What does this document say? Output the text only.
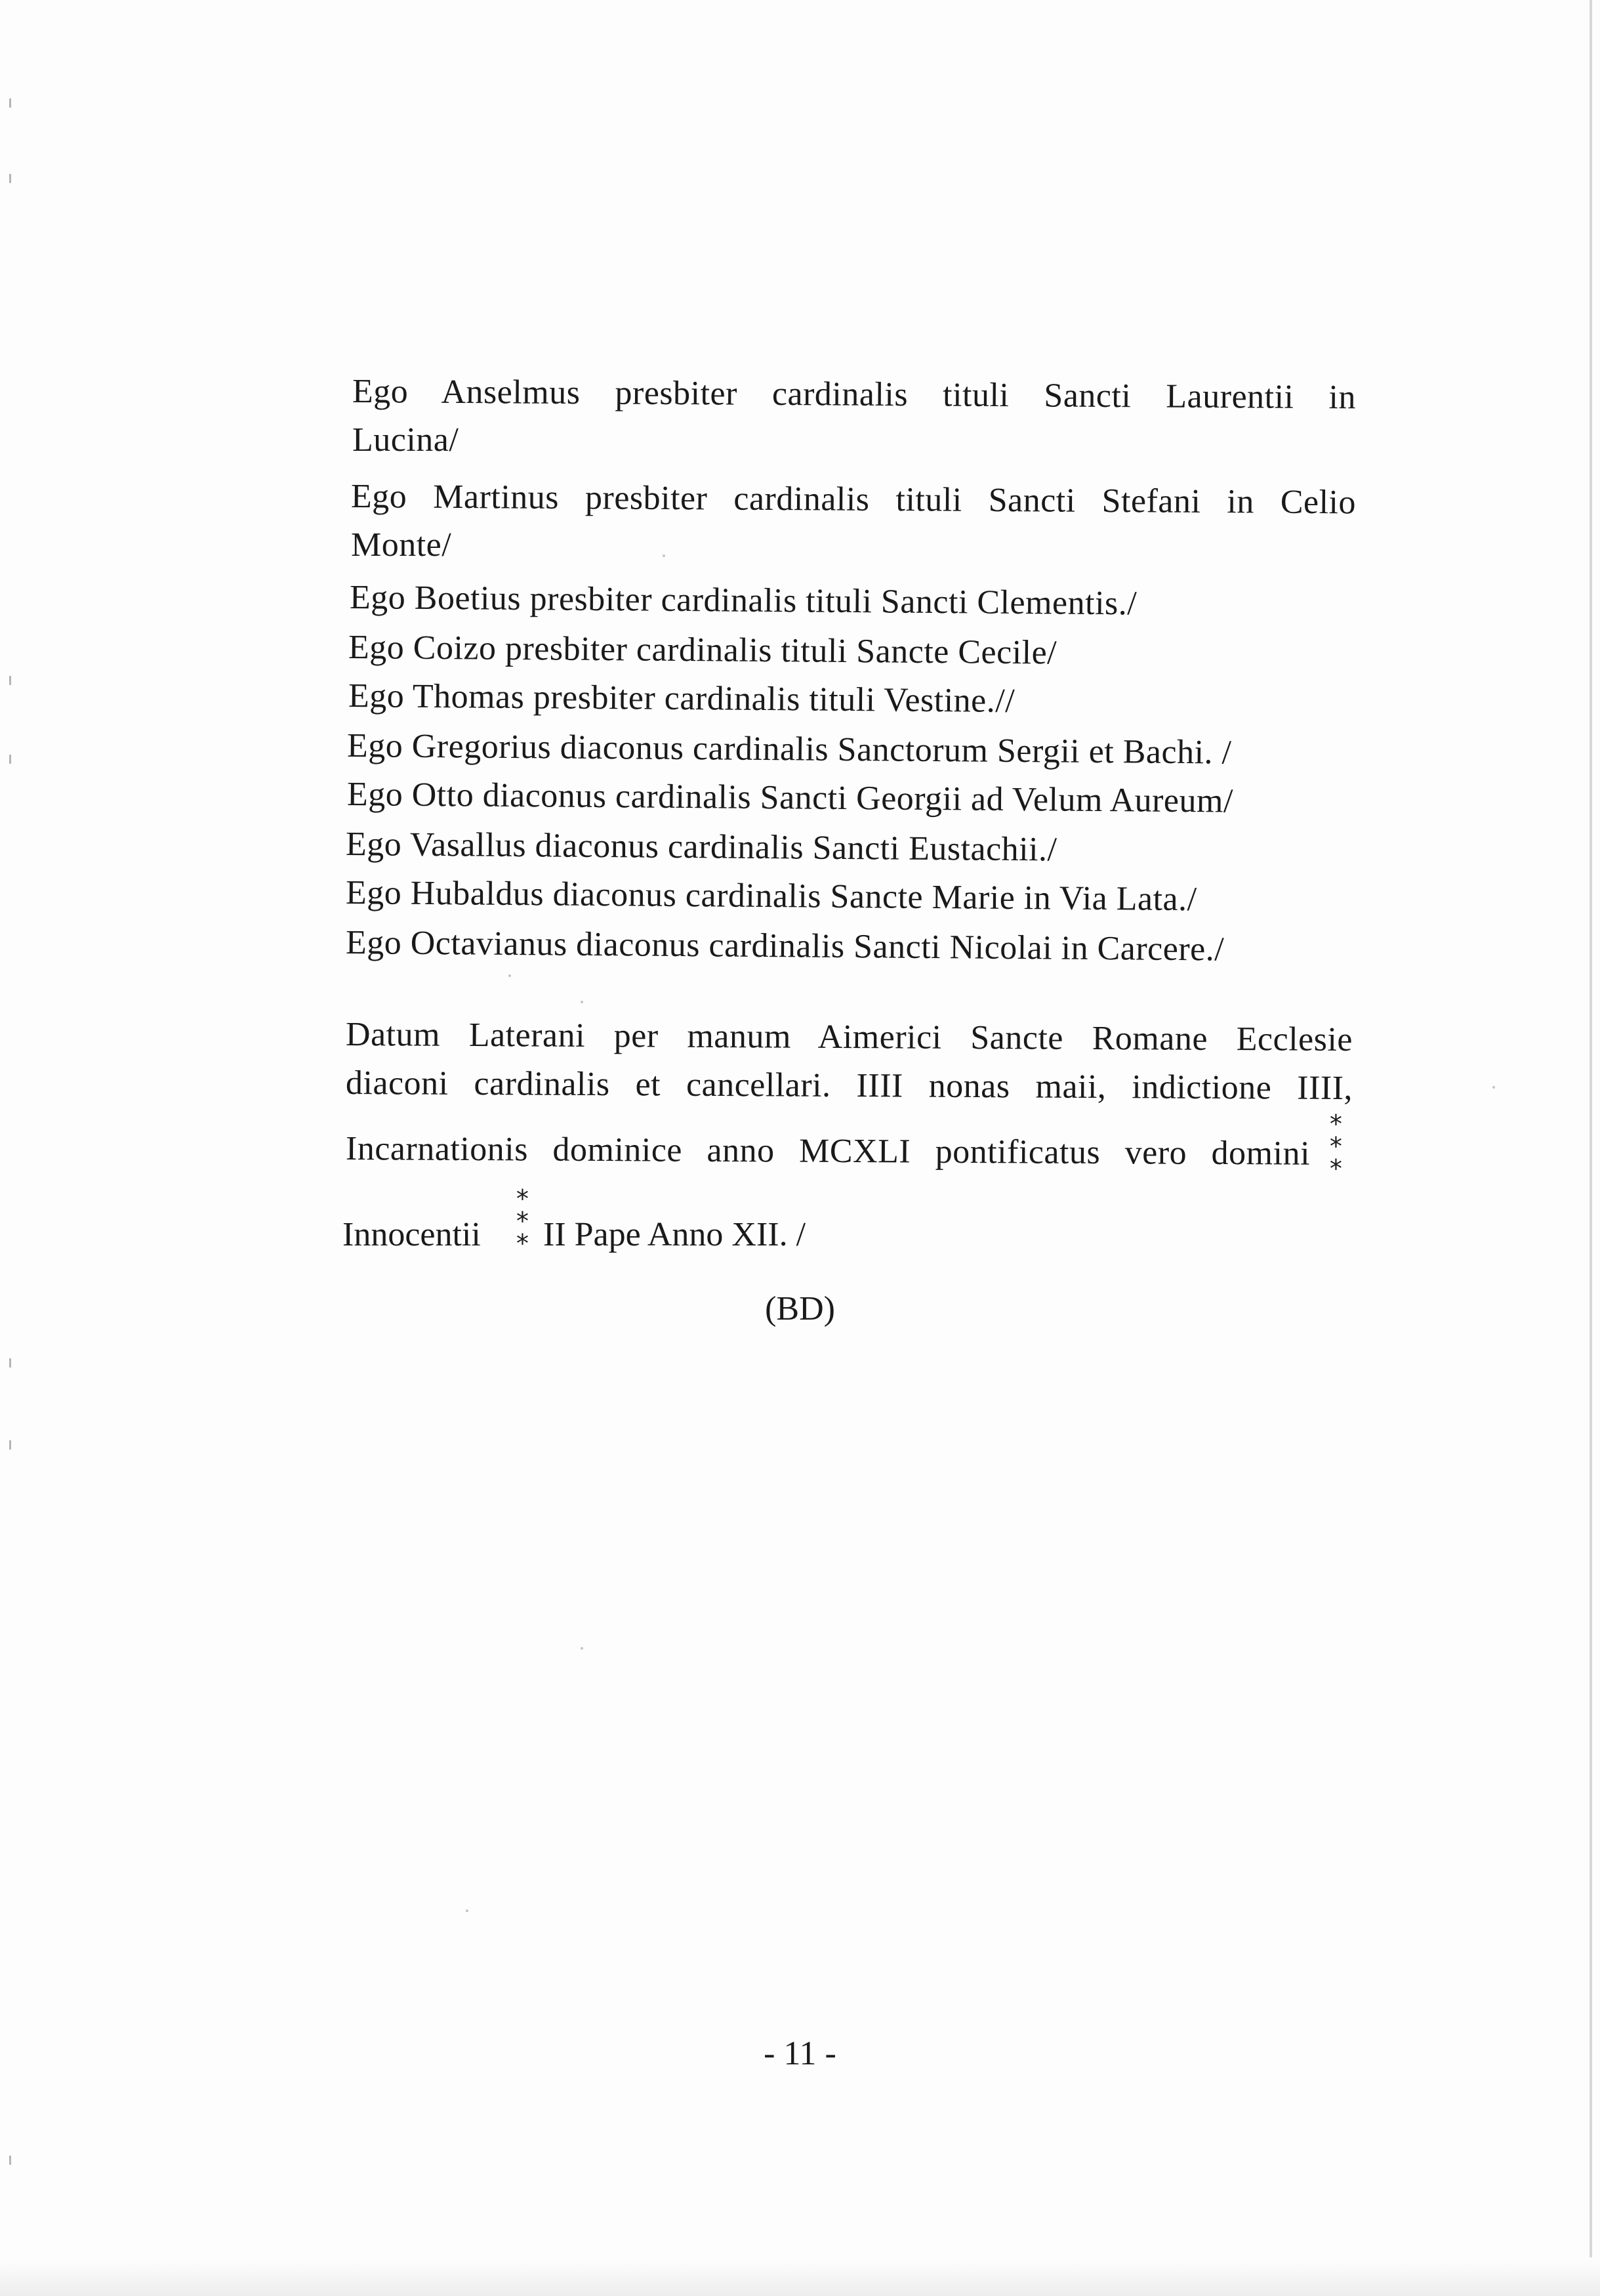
Ego Anselmus presbiter cardinalis tituli Sancti Laurentii in
Lucina/
Ego Martinus presbiter cardinalis tituli Sancti Stefani in Celio
Monte/
Ego Boetius presbiter cardinalis tituli Sancti Clementis./
Ego Coizo presbiter cardinalis tituli Sancte Cecile/
Ego Thomas presbiter cardinalis tituli Vestine.//
Ego Gregorius diaconus cardinalis Sanctorum Sergii et Bachi. /
Ego Otto diaconus cardinalis Sancti Georgii ad Velum Aureum/
Ego Vasallus diaconus cardinalis Sancti Eustachii./
Ego Hubaldus diaconus cardinalis Sancte Marie in Via Lata./
Ego Octavianus diaconus cardinalis Sancti Nicolai in Carcere./
Datum Laterani per manum Aimerici Sancte Romane Ecclesie
diaconi cardinalis et cancellari. IIII nonas maii, indictione IIII,
Incarnationis dominice anno MCXLI pontificatus vero domini
*
*
*
Innocentii
*
*
* II Pape Anno XII. /
(BD)
- 11 -
